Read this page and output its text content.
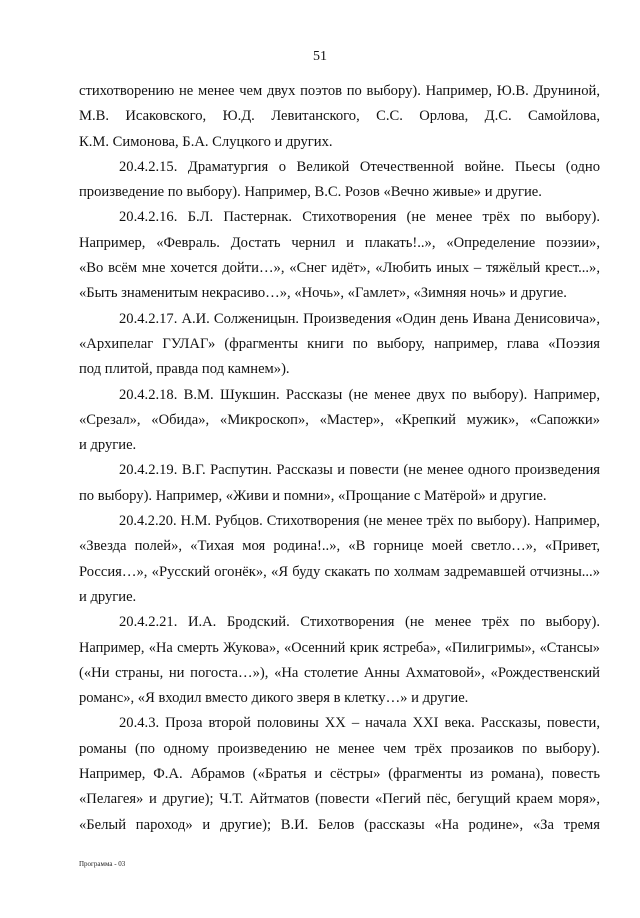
51
стихотворению не менее чем двух поэтов по выбору). Например, Ю.В. Друниной,
М.В. Исаковского, Ю.Д. Левитанского, С.С. Орлова, Д.С. Самойлова,
К.М. Симонова, Б.А. Слуцкого и других.
20.4.2.15. Драматургия о Великой Отечественной войне. Пьесы (одно
произведение по выбору). Например, В.С. Розов «Вечно живые» и другие.
20.4.2.16. Б.Л. Пастернак. Стихотворения (не менее трёх по выбору).
Например, «Февраль. Достать чернил и плакать!..», «Определение поэзии»,
«Во всём мне хочется дойти…», «Снег идёт», «Любить иных – тяжёлый крест...»,
«Быть знаменитым некрасиво…», «Ночь», «Гамлет», «Зимняя ночь» и другие.
20.4.2.17. А.И. Солженицын. Произведения «Один день Ивана Денисовича»,
«Архипелаг ГУЛАГ» (фрагменты книги по выбору, например, глава «Поэзия
под плитой, правда под камнем»).
20.4.2.18. В.М. Шукшин. Рассказы (не менее двух по выбору). Например,
«Срезал», «Обида», «Микроскоп», «Мастер», «Крепкий мужик», «Сапожки»
и другие.
20.4.2.19. В.Г. Распутин. Рассказы и повести (не менее одного произведения
по выбору). Например, «Живи и помни», «Прощание с Матёрой» и другие.
20.4.2.20. Н.М. Рубцов. Стихотворения (не менее трёх по выбору). Например,
«Звезда полей», «Тихая моя родина!..», «В горнице моей светло…», «Привет,
Россия…», «Русский огонёк», «Я буду скакать по холмам задремавшей отчизны...»
и другие.
20.4.2.21. И.А. Бродский. Стихотворения (не менее трёх по выбору).
Например, «На смерть Жукова», «Осенний крик ястреба», «Пилигримы», «Стансы»
(«Ни страны, ни погоста…»), «На столетие Анны Ахматовой», «Рождественский
романс», «Я входил вместо дикого зверя в клетку…» и другие.
20.4.3. Проза второй половины XX – начала XXI века. Рассказы, повести,
романы (по одному произведению не менее чем трёх прозаиков по выбору).
Например, Ф.А. Абрамов («Братья и сёстры» (фрагменты из романа), повесть
«Пелагея» и другие); Ч.Т. Айтматов (повести «Пегий пёс, бегущий краем моря»,
«Белый пароход» и другие); В.И. Белов (рассказы «На родине», «За тремя
Программа - 03
